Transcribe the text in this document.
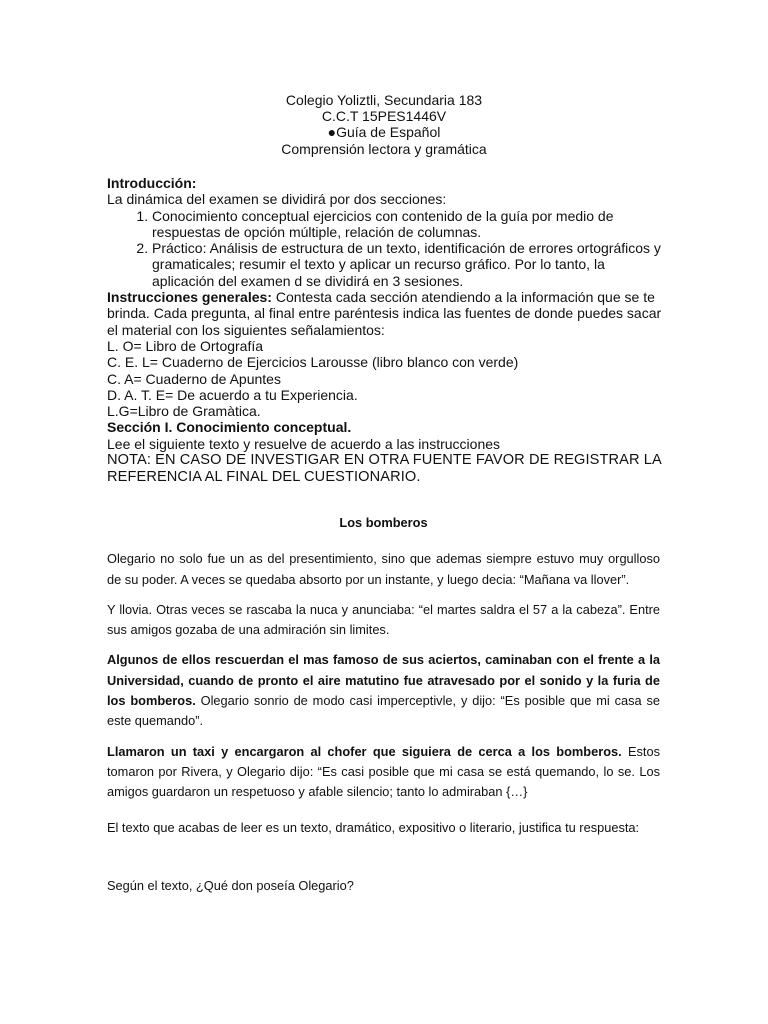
Colegio Yoliztli, Secundaria 183
C.C.T 15PES1446V
●Guía de Español
Comprensión lectora y gramática

Introducción:

La dinámica del examen se dividirá por dos secciones:

1. Conocimiento conceptual ejercicios con contenido de la guía por medio de respuestas de opción múltiple, relación de columnas.
2. Práctico: Análisis de estructura de un texto, identificación de errores ortográficos y gramaticales; resumir el texto y aplicar un recurso gráfico. Por lo tanto, la aplicación del examen d se dividirá en 3 sesiones.

Instrucciones generales: Contesta cada sección atendiendo a la información que se te brinda. Cada pregunta, al final entre paréntesis indica las fuentes de donde puedes sacar el material con los siguientes señalamientos:

L. O= Libro de Ortografía

C. E. L= Cuaderno de Ejercicios Larousse (libro blanco con verde)

C. A= Cuaderno de Apuntes

D. A. T. E= De acuerdo a tu Experiencia.

L.G=Libro de Gramàtica.

Sección I. Conocimiento conceptual.

Lee el siguiente texto y resuelve de acuerdo a las instrucciones

NOTA: EN CASO DE INVESTIGAR EN OTRA FUENTE FAVOR DE REGISTRAR LA REFERENCIA AL FINAL DEL CUESTIONARIO.

Los bomberos

Olegario no solo fue un as del presentimiento, sino que ademas siempre estuvo muy orgulloso de su poder. A veces se quedaba absorto por un instante, y luego decia: “Mañana va llover”.

Y llovia. Otras veces se rascaba la nuca y anunciaba: “el martes saldra el 57 a la cabeza”. Entre sus amigos gozaba de una admiración sin limites.

Algunos de ellos rescuerdan el mas famoso de sus aciertos, caminaban con el frente a la Universidad, cuando de pronto el aire matutino fue atravesado por el sonido y la furia de los bomberos. Olegario sonrio de modo casi imperceptivle, y dijo: “Es posible que mi casa se este quemando”.

Llamaron un taxi y encargaron al chofer que siguiera de cerca a los bomberos. Estos tomaron por Rivera, y Olegario dijo: “Es casi posible que mi casa se está quemando, lo se. Los amigos guardaron un respetuoso y afable silencio; tanto lo admiraban {…}

El texto que acabas de leer es un texto, dramático, expositivo o literario, justifica tu respuesta:
Según el texto, ¿Qué don poseía Olegario?
